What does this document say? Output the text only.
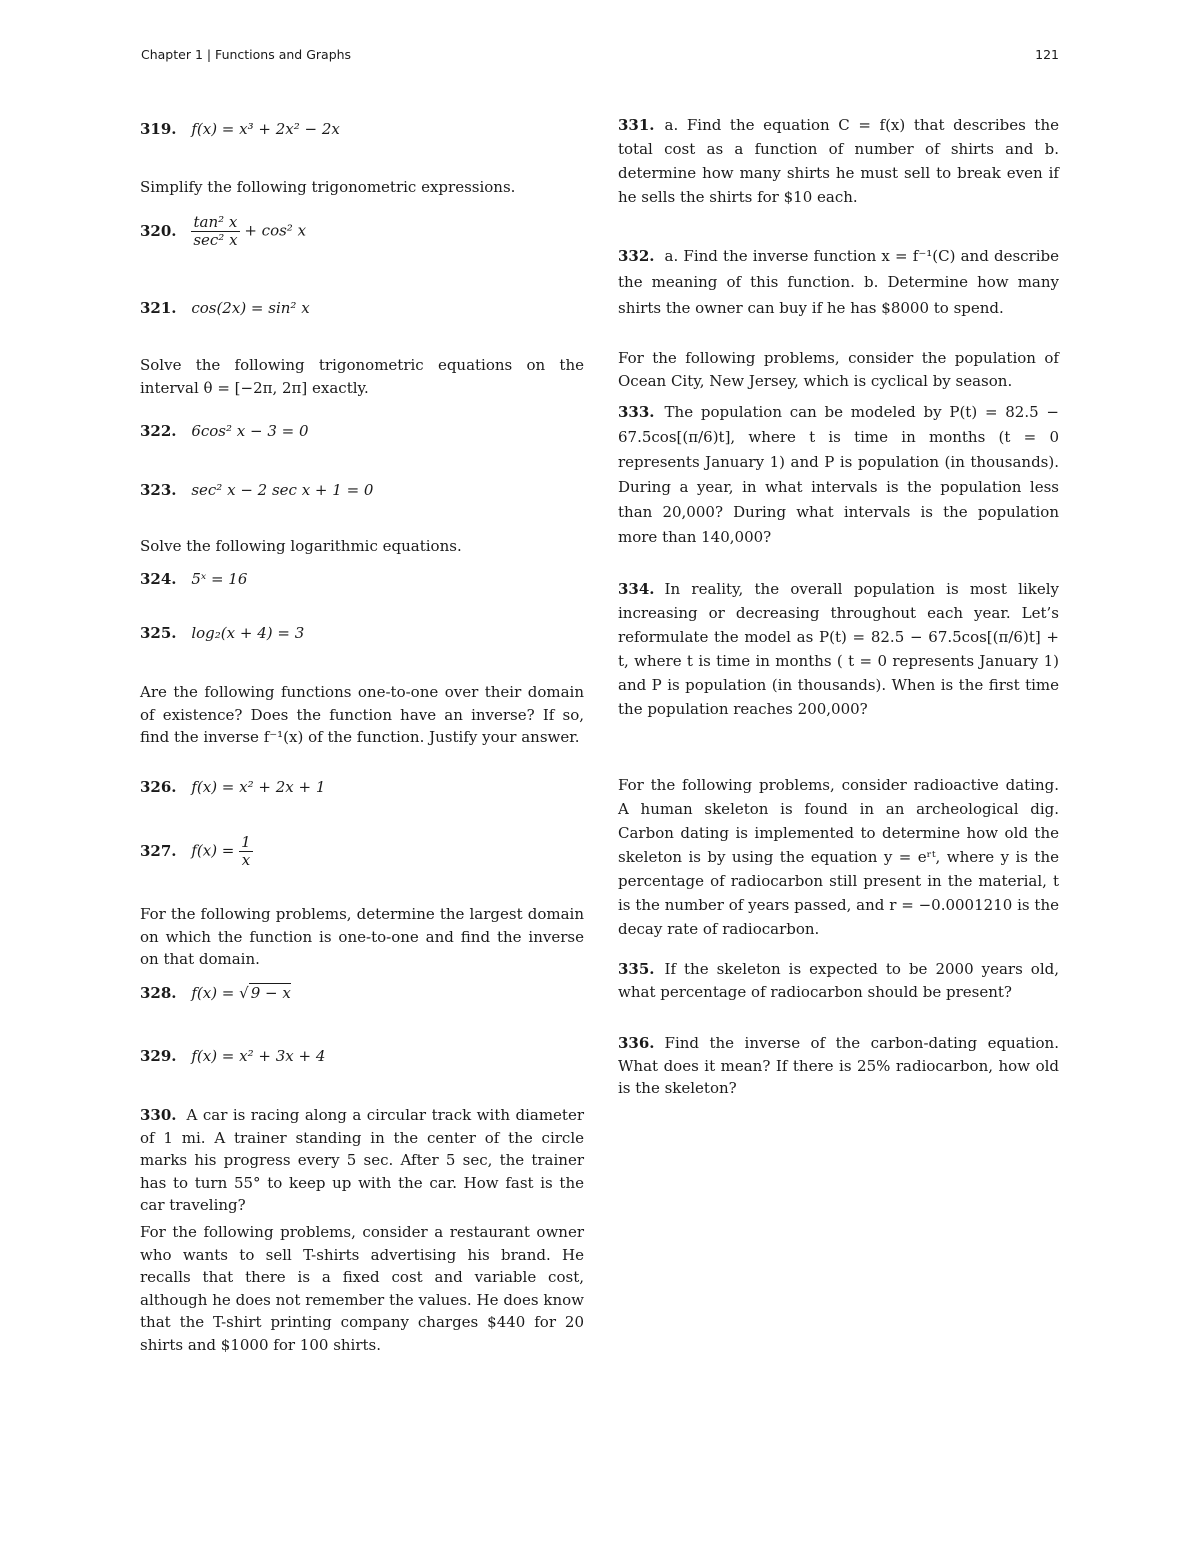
Chapter 1 | Functions and Graphs	121
319. f(x) = x³ + 2x² − 2x
Simplify the following trigonometric expressions.
320. $\frac{\text{tan² x}}{\text{sec² x}} + \cos^2$ x
321. cos(2x) = sin² x
Solve the following trigonometric equations on the interval θ = [−2π, 2π] exactly.
322. 6cos² x − 3 = 0
323. sec² x − 2 sec x + 1 = 0
Solve the following logarithmic equations.
324. 5ˣ = 16
325. log₂(x + 4) = 3
Are the following functions one-to-one over their domain of existence? Does the function have an inverse? If so, find the inverse f⁻¹(x) of the function. Justify your answer.
326. f(x) = x² + 2x + 1
327. $f(x) = \frac{1}{x}$
For the following problems, determine the largest domain on which the function is one-to-one and find the inverse on that domain.
328. f(x) = √ 9 − x
329. f(x) = x² + 3x + 4
330. A car is racing along a circular track with diameter of 1 mi. A trainer standing in the center of the circle marks his progress every 5 sec. After 5 sec, the trainer has to turn 55° to keep up with the car. How fast is the car traveling?
For the following problems, consider a restaurant owner who wants to sell T-shirts advertising his brand. He recalls that there is a fixed cost and variable cost, although he does not remember the values. He does know that the T-shirt printing company charges $440 for 20 shirts and $1000 for 100 shirts.
331. a. Find the equation C = f(x) that describes the total cost as a function of number of shirts and b. determine how many shirts he must sell to break even if he sells the shirts for $10 each.
332. a. Find the inverse function x = f⁻¹(C) and describe the meaning of this function. b. Determine how many shirts the owner can buy if he has $8000 to spend.
For the following problems, consider the population of Ocean City, New Jersey, which is cyclical by season.
333. The population can be modeled by P(t) = 82.5 − 67.5cos[(π/6)t], where t is time in months (t = 0 represents January 1) and P is population (in thousands). During a year, in what intervals is the population less than 20,000? During what intervals is the population more than 140,000?
334. In reality, the overall population is most likely increasing or decreasing throughout each year. Let’s reformulate the model as P(t) = 82.5 − 67.5cos[(π/6)t] + t, where t is time in months ( t = 0 represents January 1) and P is population (in thousands). When is the first time the population reaches 200,000?
For the following problems, consider radioactive dating. A human skeleton is found in an archeological dig. Carbon dating is implemented to determine how old the skeleton is by using the equation y = eʳᵗ, where y is the percentage of radiocarbon still present in the material, t is the number of years passed, and r = −0.0001210 is the decay rate of radiocarbon.
335. If the skeleton is expected to be 2000 years old, what percentage of radiocarbon should be present?
336. Find the inverse of the carbon-dating equation. What does it mean? If there is 25% radiocarbon, how old is the skeleton?
